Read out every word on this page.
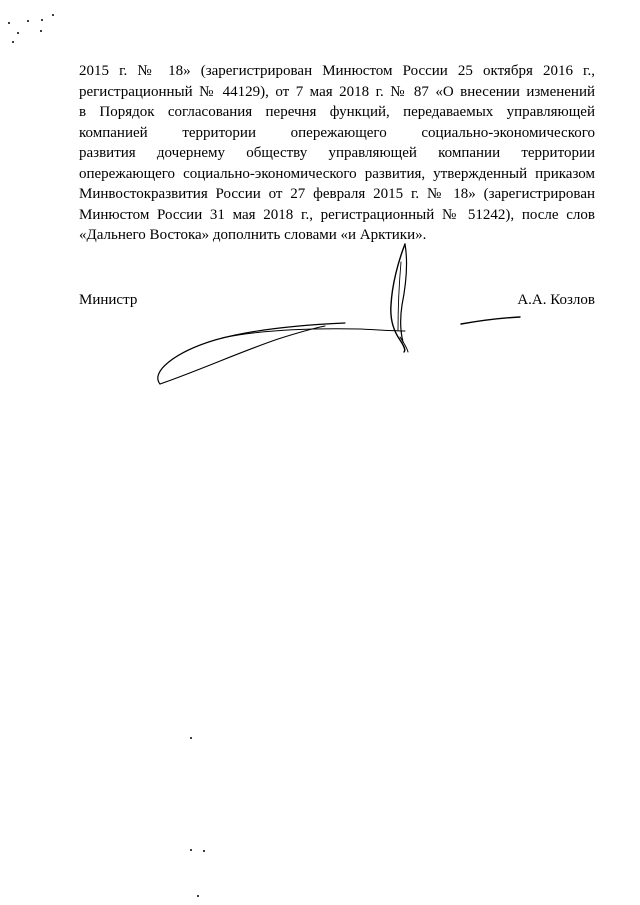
2015 г. № 18» (зарегистрирован Минюстом России 25 октября 2016 г.,
регистрационный № 44129), от 7 мая 2018 г. № 87 «О внесении изменений
в Порядок согласования перечня функций, передаваемых управляющей
компанией территории опережающего социально-экономического
развития дочернему обществу управляющей компании территории
опережающего социально-экономического развития, утвержденный приказом
Минвостокразвития России от 27 февраля 2015 г. № 18» (зарегистрирован
Минюстом России 31 мая 2018 г., регистрационный № 51242), после слов
«Дальнего Востока» дополнить словами «и Арктики».
Министр	А.А. Козлов
